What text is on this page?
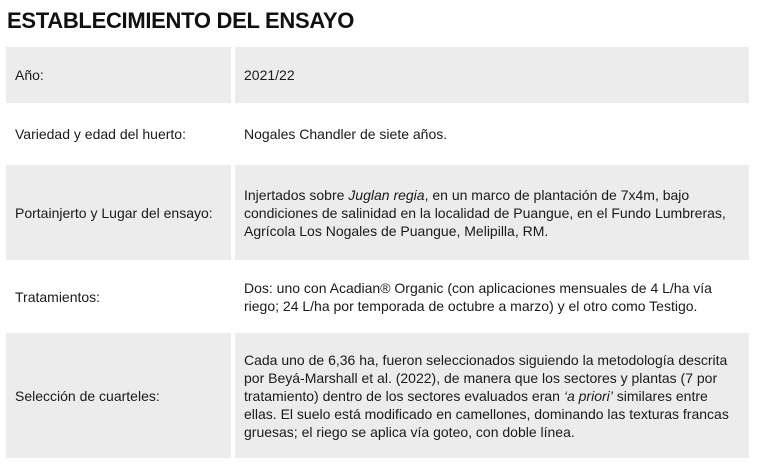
ESTABLECIMIENTO DEL ENSAYO
Año:	2021/22
Variedad y edad del huerto:	Nogales Chandler de siete años.
Portainjerto y Lugar del ensayo:
Injertados sobre Juglan regia, en un marco de plantación de 7x4m, bajo condiciones de salinidad en la localidad de Puangue, en el Fundo Lumbreras, Agrícola Los Nogales de Puangue, Melipilla, RM.
Tratamientos:
Dos: uno con Acadian® Organic (con aplicaciones mensuales de 4 L/ha vía riego; 24 L/ha por temporada de octubre a marzo) y el otro como Testigo.
Selección de cuarteles:
Cada uno de 6,36 ha, fueron seleccionados siguiendo la metodología descrita por Beyá-Marshall et al. (2022), de manera que los sectores y plantas (7 por tratamiento) dentro de los sectores evaluados eran ‘a priori’ similares entre ellas. El suelo está modificado en camellones, dominando las texturas francas gruesas; el riego se aplica vía goteo, con doble línea.
